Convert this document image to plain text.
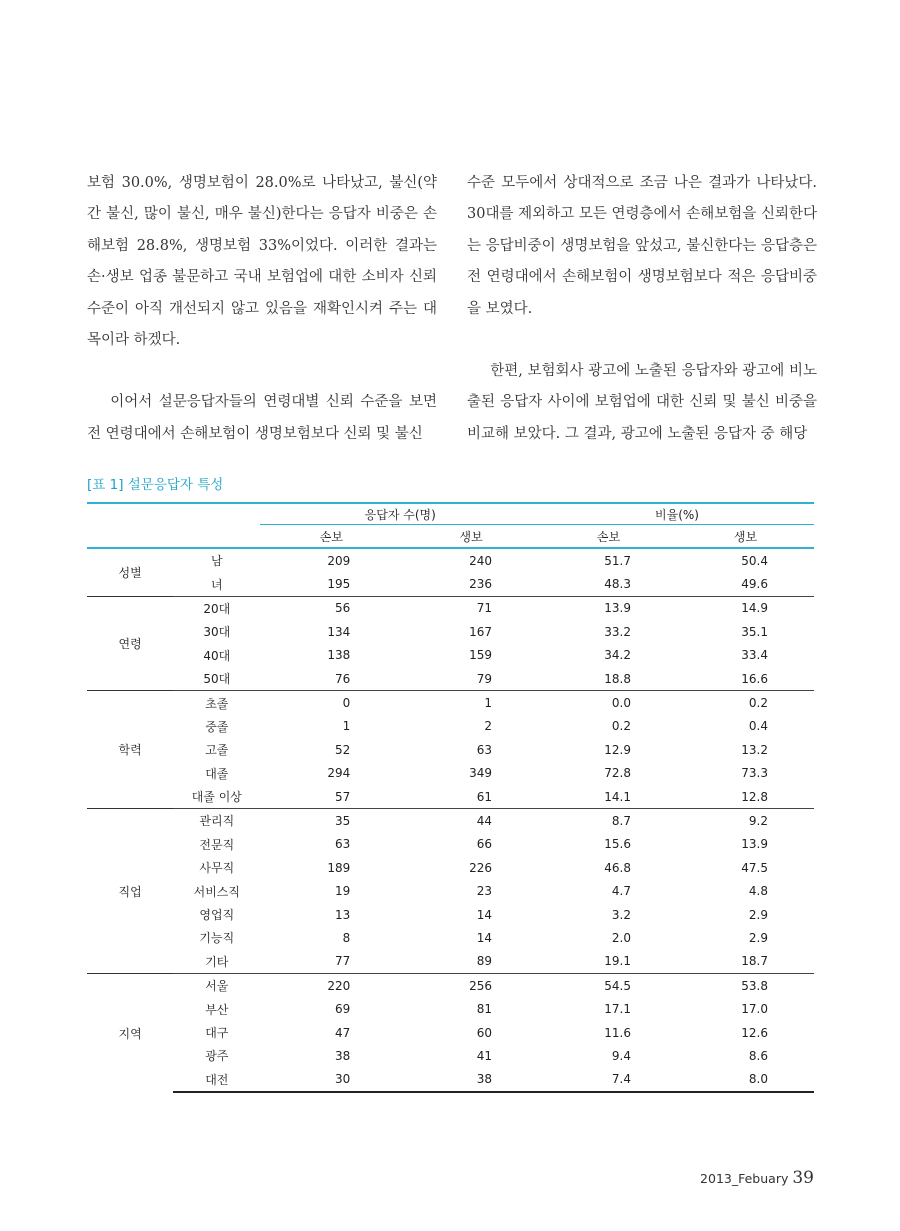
보험 30.0%, 생명보험이 28.0%로 나타났고, 불신(약간 불신, 많이 불신, 매우 불신)한다는 응답자 비중은 손해보험 28.8%, 생명보험 33%이었다. 이러한 결과는 손·생보 업종 불문하고 국내 보험업에 대한 소비자 신뢰 수준이 아직 개선되지 않고 있음을 재확인시켜 주는 대목이라 하겠다.

이어서 설문응답자들의 연령대별 신뢰 수준을 보면 전 연령대에서 손해보험이 생명보험보다 신뢰 및 불신

수준 모두에서 상대적으로 조금 나은 결과가 나타났다. 30대를 제외하고 모든 연령층에서 손해보험을 신뢰한다는 응답비중이 생명보험을 앞섰고, 불신한다는 응답층은 전 연령대에서 손해보험이 생명보험보다 적은 응답비중을 보였다.

한편, 보험회사 광고에 노출된 응답자와 광고에 비노출된 응답자 사이에 보험업에 대한 신뢰 및 불신 비중을 비교해 보았다. 그 결과, 광고에 노출된 응답자 중 해당

[표 1] 설문응답자 특성
		응답자 수(명)		비율(%)	
		손보	생보	손보	생보
성별	남	209	240	51.7	50.4
	녀	195	236	48.3	49.6
연령	20대	56	71	13.9	14.9
	30대	134	167	33.2	35.1
	40대	138	159	34.2	33.4
	50대	76	79	18.8	16.6
학력	초졸	0	1	0.0	0.2
	중졸	1	2	0.2	0.4
	고졸	52	63	12.9	13.2
	대졸	294	349	72.8	73.3
	대졸 이상	57	61	14.1	12.8
직업	관리직	35	44	8.7	9.2
	전문직	63	66	15.6	13.9
	사무직	189	226	46.8	47.5
	서비스직	19	23	4.7	4.8
	영업직	13	14	3.2	2.9
	기능직	8	14	2.0	2.9
	기타	77	89	19.1	18.7
지역	서울	220	256	54.5	53.8
	부산	69	81	17.1	17.0
	대구	47	60	11.6	12.6
	광주	38	41	9.4	8.6
	대전	30	38	7.4	8.0
2013_Febuary 39
